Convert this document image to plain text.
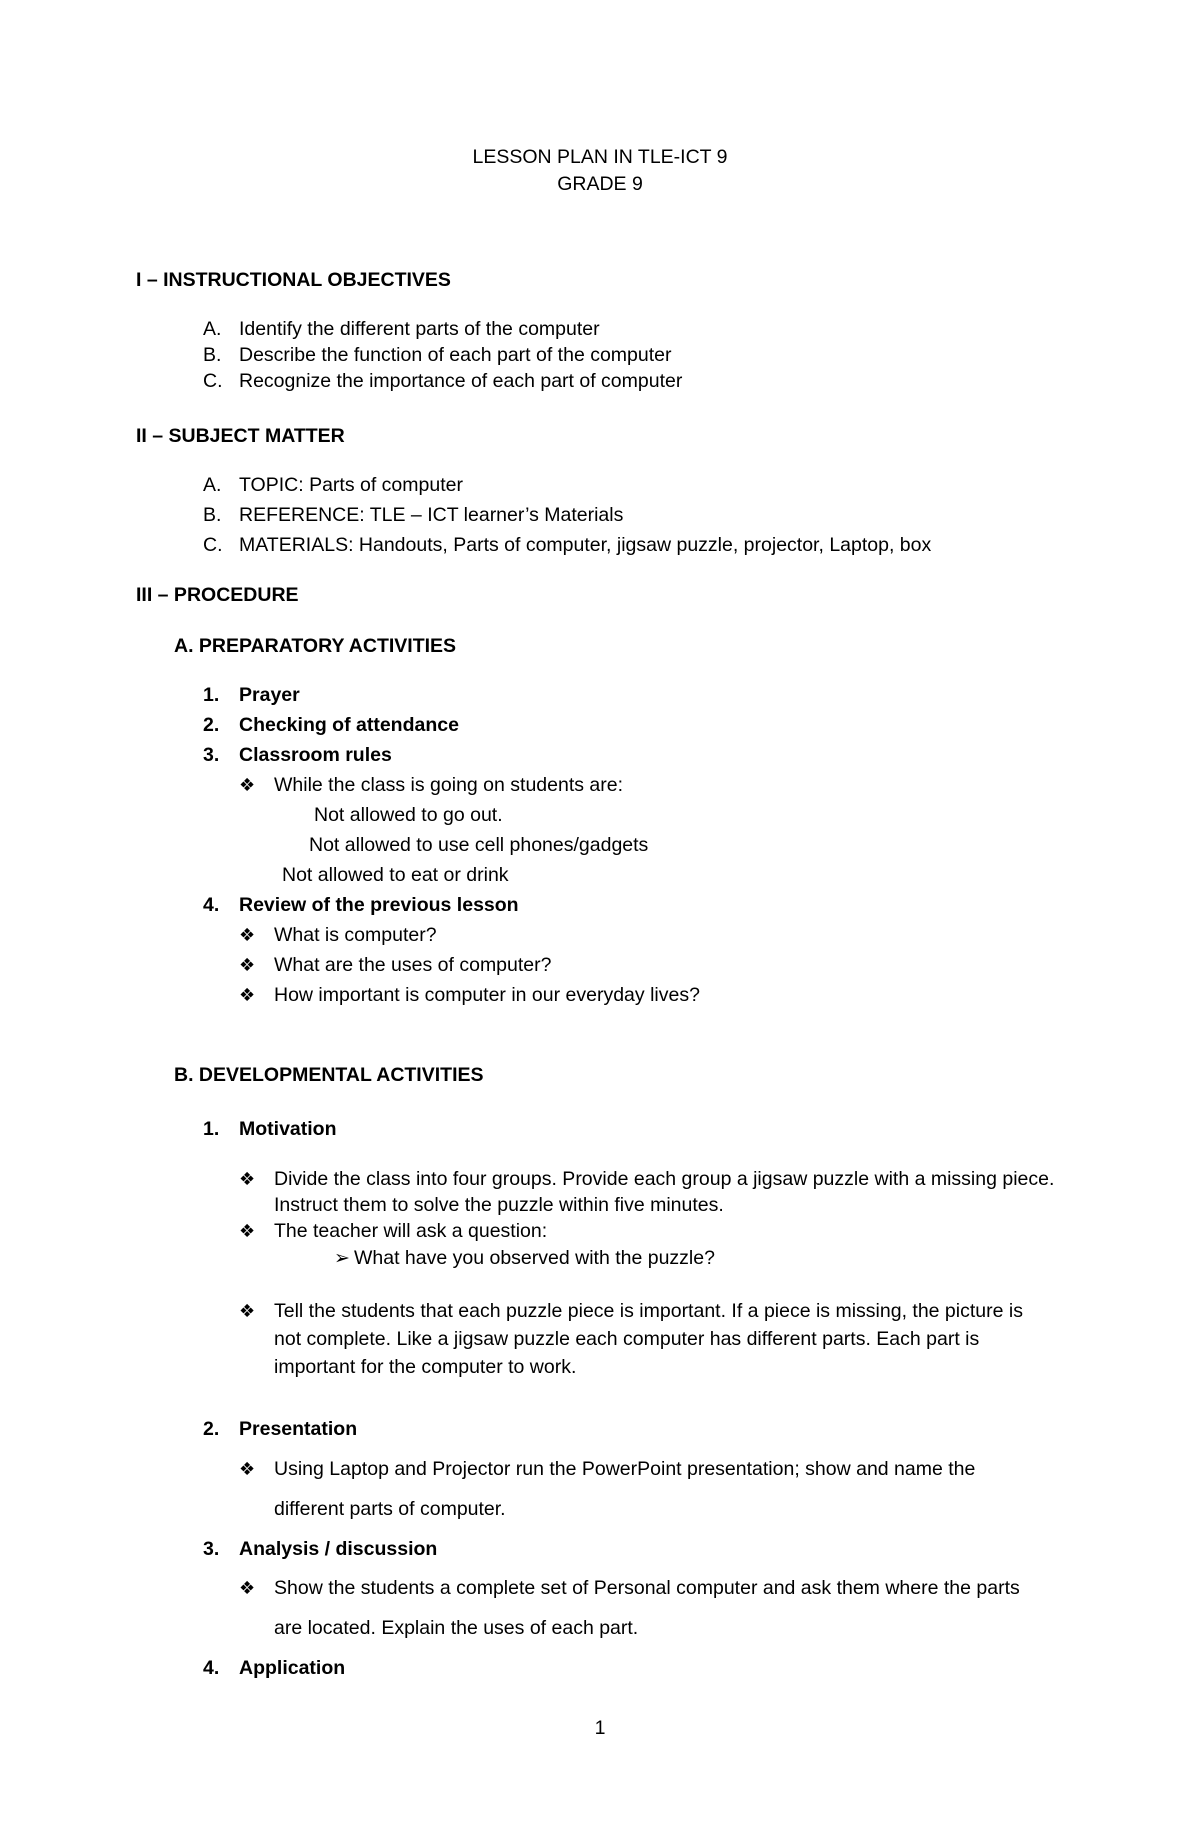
LESSON PLAN IN TLE-ICT 9
GRADE 9
I – INSTRUCTIONAL OBJECTIVES
A. Identify the different parts of the computer
B. Describe the function of each part of the computer
C. Recognize the importance of each part of computer
II – SUBJECT MATTER
A. TOPIC: Parts of computer
B. REFERENCE: TLE – ICT learner’s Materials
C. MATERIALS: Handouts, Parts of computer, jigsaw puzzle, projector, Laptop, box
III – PROCEDURE
A. PREPARATORY ACTIVITIES
1. Prayer
2. Checking of attendance
3. Classroom rules
❖ While the class is going on students are:
Not allowed to go out.
Not allowed to use cell phones/gadgets
Not allowed to eat or drink
4. Review of the previous lesson
❖ What is computer?
❖ What are the uses of computer?
❖ How important is computer in our everyday lives?
B. DEVELOPMENTAL ACTIVITIES
1. Motivation
❖ Divide the class into four groups. Provide each group a jigsaw puzzle with a missing piece.
Instruct them to solve the puzzle within five minutes.
❖ The teacher will ask a question:
➢ What have you observed with the puzzle?
❖ Tell the students that each puzzle piece is important. If a piece is missing, the picture is
not complete. Like a jigsaw puzzle each computer has different parts. Each part is
important for the computer to work.
2. Presentation
❖ Using Laptop and Projector run the PowerPoint presentation; show and name the
different parts of computer.
3. Analysis / discussion
❖ Show the students a complete set of Personal computer and ask them where the parts
are located. Explain the uses of each part.
4. Application
1
